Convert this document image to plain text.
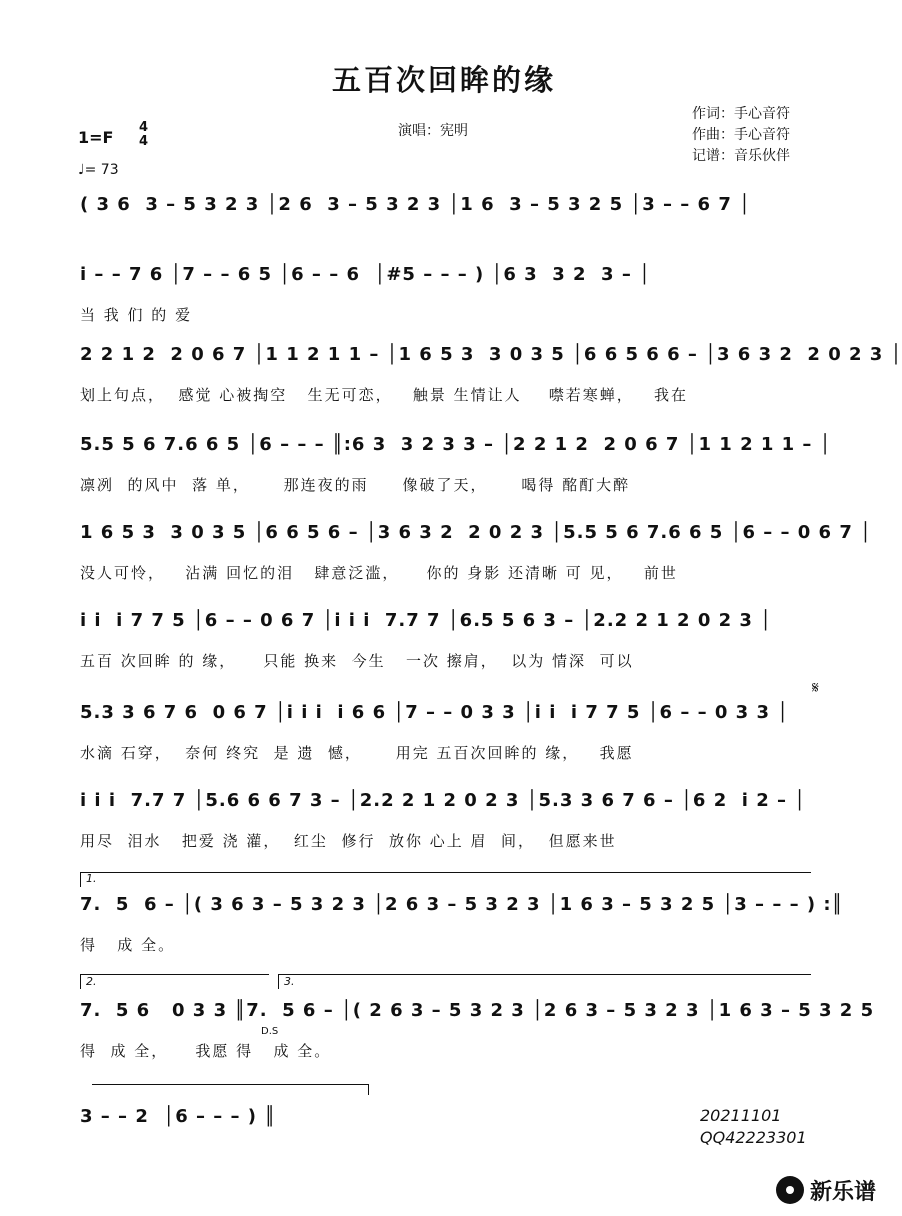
五百次回眸的缘
演唱：宪明
作词：手心音符
作曲：手心音符
记谱：音乐伙伴
1=F
4
4
♩= 73
( 3 6  3 – 5 3 2 3 │2 6  3 – 5 3 2 3 │1 6  3 – 5 3 2 5 │3 – – 6 7 │
i – – 7 6 │7 – – 6 5 │6 – – 6  │#5 – – – ) │6 3  3 2  3 – │
当 我 们 的 爱
2 2 1 2  2 0 6 7 │1 1 2 1 1 – │1 6 5 3  3 0 3 5 │6 6 5 6 6 – │3 6 3 2  2 0 2 3 │
划上句点，  感觉 心被掏空   生无可恋，   触景 生情让人    噤若寒蝉，   我在
5.5 5 6 7.6 6 5 │6 – – – ║:6 3  3 2 3 3 – │2 2 1 2  2 0 6 7 │1 1 2 1 1 – │
凛冽  的风中  落 单，     那连夜的雨     像破了天，     喝得 酩酊大醉
1 6 5 3  3 0 3 5 │6 6 5 6 – │3 6 3 2  2 0 2 3 │5.5 5 6 7.6 6 5 │6 – – 0 6 7 │
没人可怜，   沾满 回忆的泪   肆意泛滥，    你的 身影 还清晰 可 见，   前世
i i  i 7 7 5 │6 – – 0 6 7 │i i i  7.7 7 │6.5 5 6 3 – │2.2 2 1 2 0 2 3 │
五百 次回眸 的 缘，    只能 换来  今生   一次 擦肩，  以为 情深  可以
5.3 3 6 7 6  0 6 7 │i i i  i 6 6 │7 – – 0 3 3 │i i  i 7 7 5 │6 – – 0 3 3 │
水滴 石穿，  奈何 终究  是 遗  憾，     用完 五百次回眸的 缘，   我愿
𝄋
i i i  7.7 7 │5.6 6 6 7 3 – │2.2 2 1 2 0 2 3 │5.3 3 6 7 6 – │6 2  i 2 – │
用尽  泪水   把爱 浇 灌，  红尘  修行  放你 心上 眉  间，  但愿来世
1.
7.  5  6 – │( 3 6 3 – 5 3 2 3 │2 6 3 – 5 3 2 3 │1 6 3 – 5 3 2 5 │3 – – – ) :║
得   成 全。
2.	3.
7.  5 6   0 3 3 ║7.  5 6 – │( 2 6 3 – 5 3 2 3 │2 6 3 – 5 3 2 3 │1 6 3 – 5 3 2 5
得  成 全，    我愿 得   成 全。
D.S
3 – – 2  │6 – – – ) ║	20211101
QQ42223301
新乐谱
